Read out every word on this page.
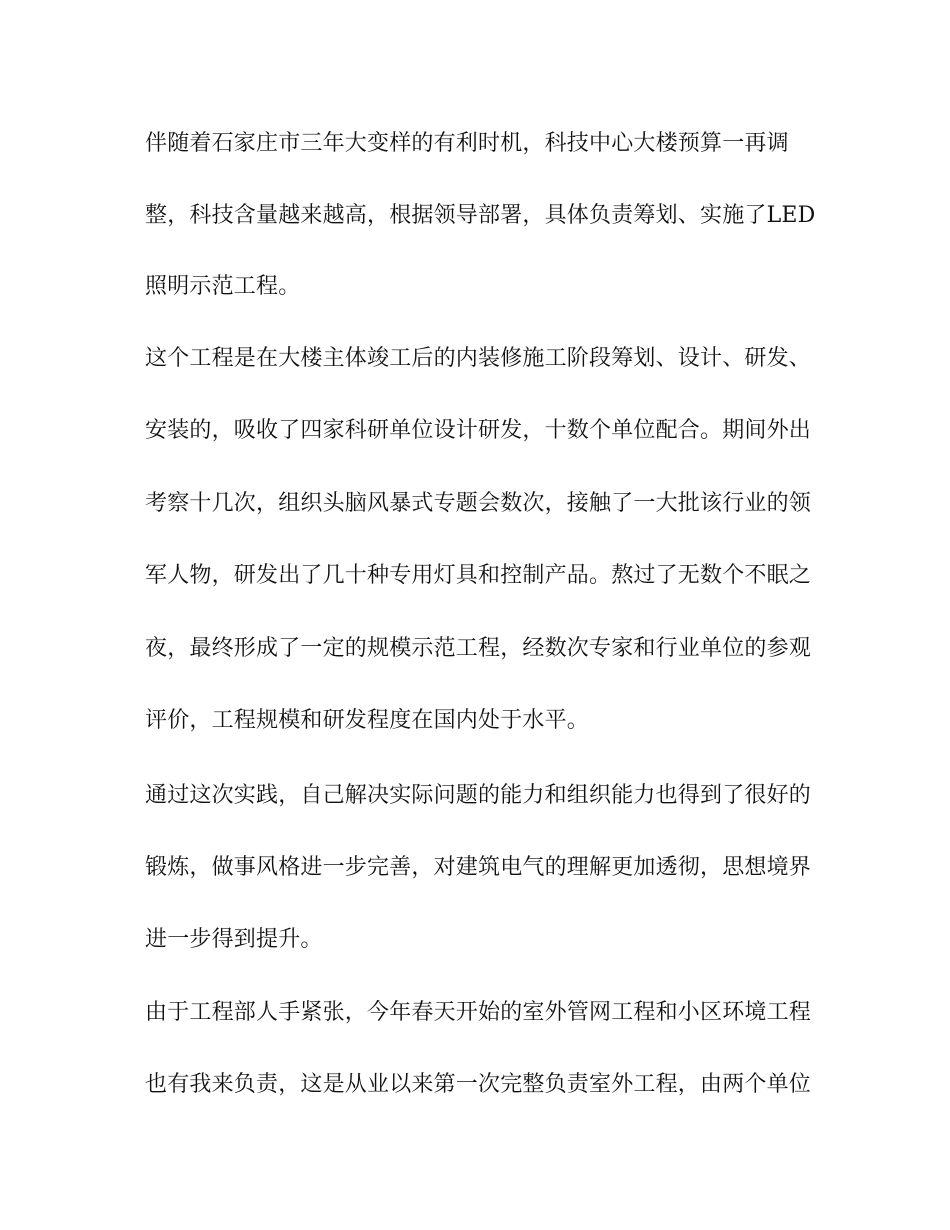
伴随着石家庄市三年大变样的有利时机，科技中心大楼预算一再调
整，科技含量越来越高，根据领导部署，具体负责筹划、实施了LED
照明示范工程。
这个工程是在大楼主体竣工后的内装修施工阶段筹划、设计、研发、
安装的，吸收了四家科研单位设计研发，十数个单位配合。期间外出
考察十几次，组织头脑风暴式专题会数次，接触了一大批该行业的领
军人物，研发出了几十种专用灯具和控制产品。熬过了无数个不眠之
夜，最终形成了一定的规模示范工程，经数次专家和行业单位的参观
评价，工程规模和研发程度在国内处于水平。
通过这次实践，自己解决实际问题的能力和组织能力也得到了很好的
锻炼，做事风格进一步完善，对建筑电气的理解更加透彻，思想境界
进一步得到提升。
由于工程部人手紧张，今年春天开始的室外管网工程和小区环境工程
也有我来负责，这是从业以来第一次完整负责室外工程，由两个单位
